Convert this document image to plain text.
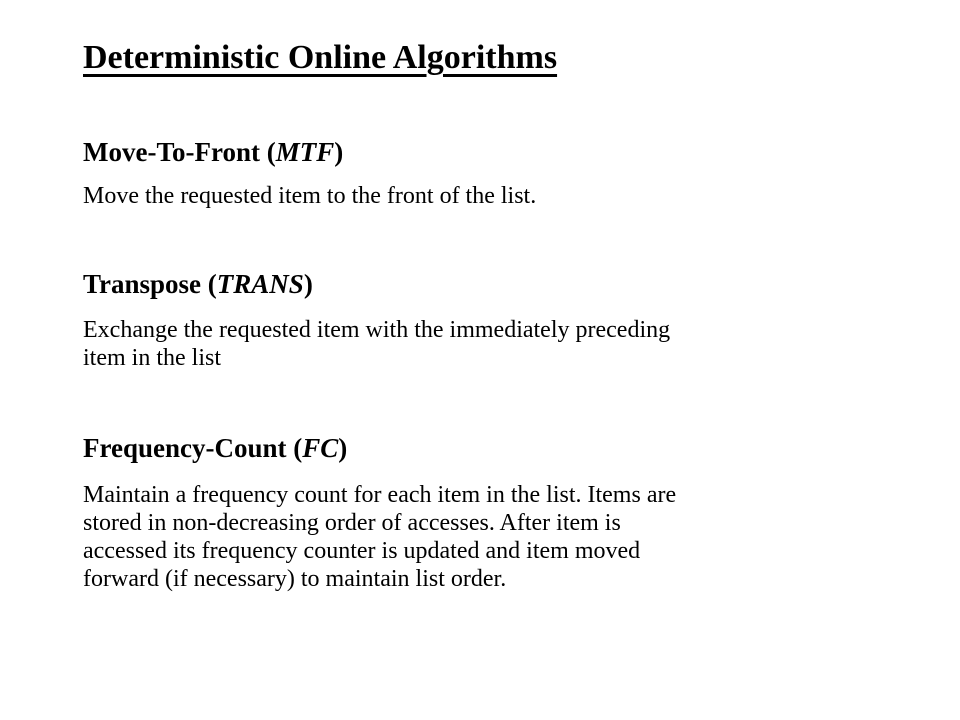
Deterministic Online Algorithms
Move-To-Front (MTF)
Move the requested item to the front of the list.
Transpose (TRANS)
Exchange the requested item with the immediately preceding
item in the list
Frequency-Count (FC)
Maintain a frequency count for each item in the list. Items are
stored in non-decreasing order of accesses. After item is
accessed its frequency counter is updated and item moved
forward (if necessary) to maintain list order.
